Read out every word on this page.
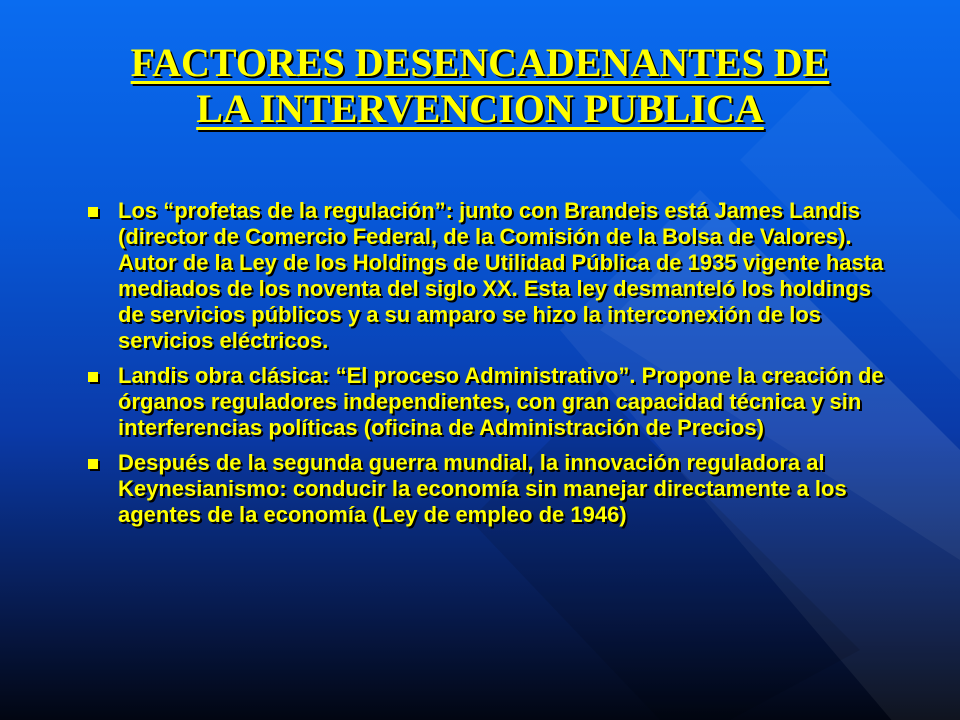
FACTORES DESENCADENANTES DE
LA INTERVENCION PUBLICA
Los “profetas de la regulación”: junto con Brandeis está James Landis (director de Comercio Federal, de la Comisión de la Bolsa de Valores). Autor de la Ley de los Holdings de Utilidad Pública de 1935 vigente hasta mediados de los noventa del siglo XX. Esta ley desmanteló los holdings de servicios públicos y a su amparo se hizo la interconexión de los servicios eléctricos.
Landis obra clásica: “El proceso Administrativo”. Propone la creación de órganos reguladores independientes, con gran capacidad técnica y sin interferencias políticas (oficina de Administración de Precios)
Después de la segunda guerra mundial, la innovación reguladora al Keynesianismo: conducir la economía sin manejar directamente a los agentes de la economía (Ley de empleo de 1946)
